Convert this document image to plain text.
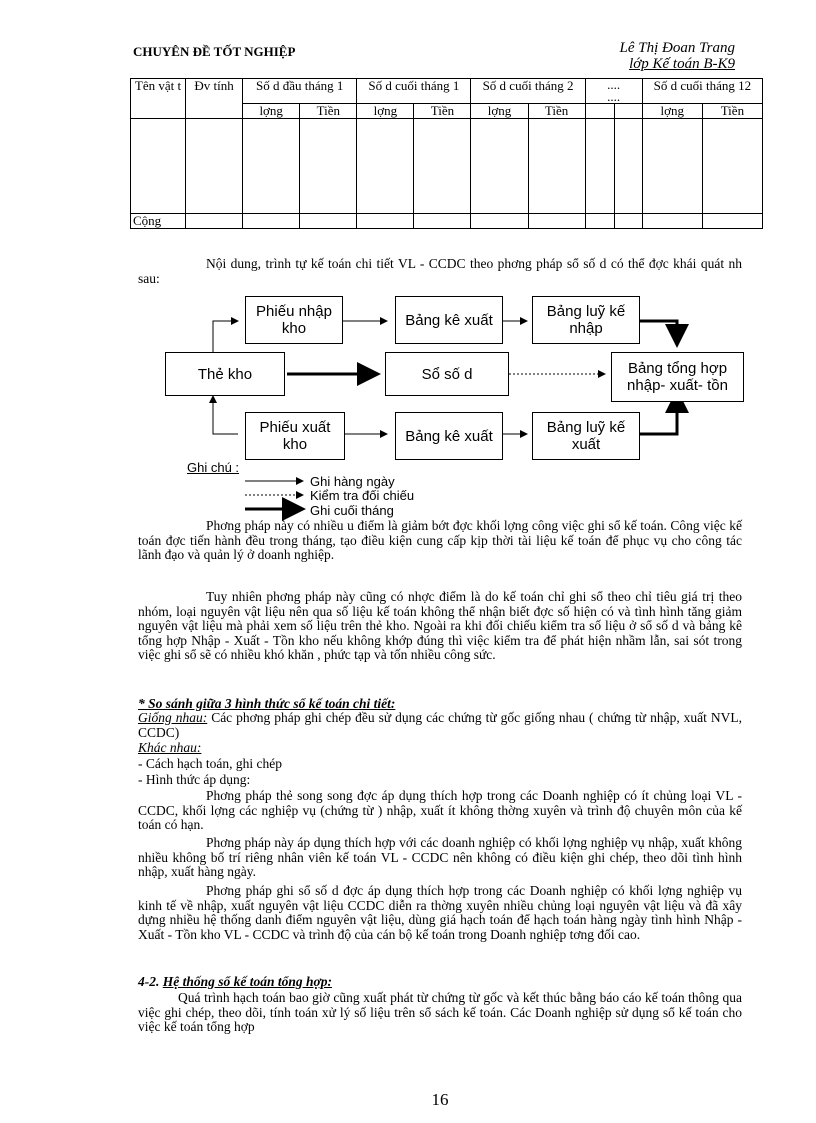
CHUYÊN ĐỀ TỐT NGHIỆP	Lê Thị Đoan Trang
lớp Kế toán B-K9
Tên vật t	Đv tính	Số d đầu tháng 1		Số d cuối tháng 1		Số d cuối tháng 2		....
....		Số d cuối tháng 12	
		lợng	Tiền	lợng	Tiền	lợng	Tiền			lợng	Tiền

Cộng											
Nội dung, trình tự kế toán chi tiết VL - CCDC theo phơng pháp sổ số d có thể đợc khái quát nh sau:
Phiếu nhập kho	Bảng kê xuất	Bảng luỹ kế nhập
Thẻ kho	Sổ số d	Bảng tổng hợp nhập- xuất- tồn
Phiếu xuất kho	Bảng kê xuất	Bảng luỹ kế xuất
Ghi chú :
Ghi hàng ngày
Kiểm tra đối chiếu
Ghi cuối tháng
Phơng pháp này có nhiều u điểm là giảm bớt đợc khối lợng công việc ghi sổ kế toán. Công việc kế toán đợc tiến hành đều trong tháng, tạo điều kiện cung cấp kịp thời tài liệu kế toán để phục vụ cho công tác lãnh đạo và quản lý ở doanh nghiệp.
Tuy nhiên phơng pháp này cũng có nhợc điểm là do kế toán chỉ ghi sổ theo chỉ tiêu giá trị theo nhóm, loại nguyên vật liệu nên qua số liệu kế toán không thể nhận biết đợc số hiện có và tình hình tăng giảm nguyên vật liệu mà phải xem số liệu trên thẻ kho. Ngoài ra khi đối chiếu kiểm tra số liệu ở sổ số d và bảng kê tổng hợp Nhập - Xuất - Tồn kho nếu không khớp đúng thì việc kiểm tra để phát hiện nhầm lẫn, sai sót trong việc ghi sổ sẽ có nhiều khó khăn , phức tạp và tốn nhiều công sức.
* So sánh giữa 3 hình thức sổ kế toán chi tiết:
Giống nhau: Các phơng pháp ghi chép đều sử dụng các chứng từ gốc giống nhau ( chứng từ nhập, xuất NVL, CCDC)
Khác nhau:
- Cách hạch toán, ghi chép
- Hình thức áp dụng:
Phơng pháp thẻ song song đợc áp dụng thích hợp trong các Doanh nghiệp có ít chủng loại VL - CCDC, khối lợng các nghiệp vụ (chứng từ ) nhập, xuất ít không thờng xuyên và trình độ chuyên môn của kế toán có hạn.
Phơng pháp này áp dụng thích hợp với các doanh nghiệp có khối lợng nghiệp vụ nhập, xuất không nhiều không bố trí riêng nhân viên kế toán VL - CCDC nên không có điều kiện ghi chép, theo dõi tình hình nhập, xuất hàng ngày.
Phơng pháp ghi sổ số d đợc áp dụng thích hợp trong các Doanh nghiệp có khối lợng nghiệp vụ kinh tế về nhập, xuất nguyên vật liệu CCDC diễn ra thờng xuyên nhiều chủng loại nguyên vật liệu và đã xây dựng nhiều hệ thống danh điểm nguyên vật liệu, dùng giá hạch toán để hạch toán hàng ngày tình hình Nhập - Xuất - Tồn kho VL - CCDC và trình độ của cán bộ kế toán trong Doanh nghiệp tơng đối cao.
4-2. Hệ thống sổ kế toán tổng hợp:
Quá trình hạch toán bao giờ cũng xuất phát từ chứng từ gốc và kết thúc bằng báo cáo kế toán thông qua việc ghi chép, theo dõi, tính toán xử lý số liệu trên sổ sách kế toán. Các Doanh nghiệp sử dụng sổ kế toán cho việc kế toán tổng hợp
16
